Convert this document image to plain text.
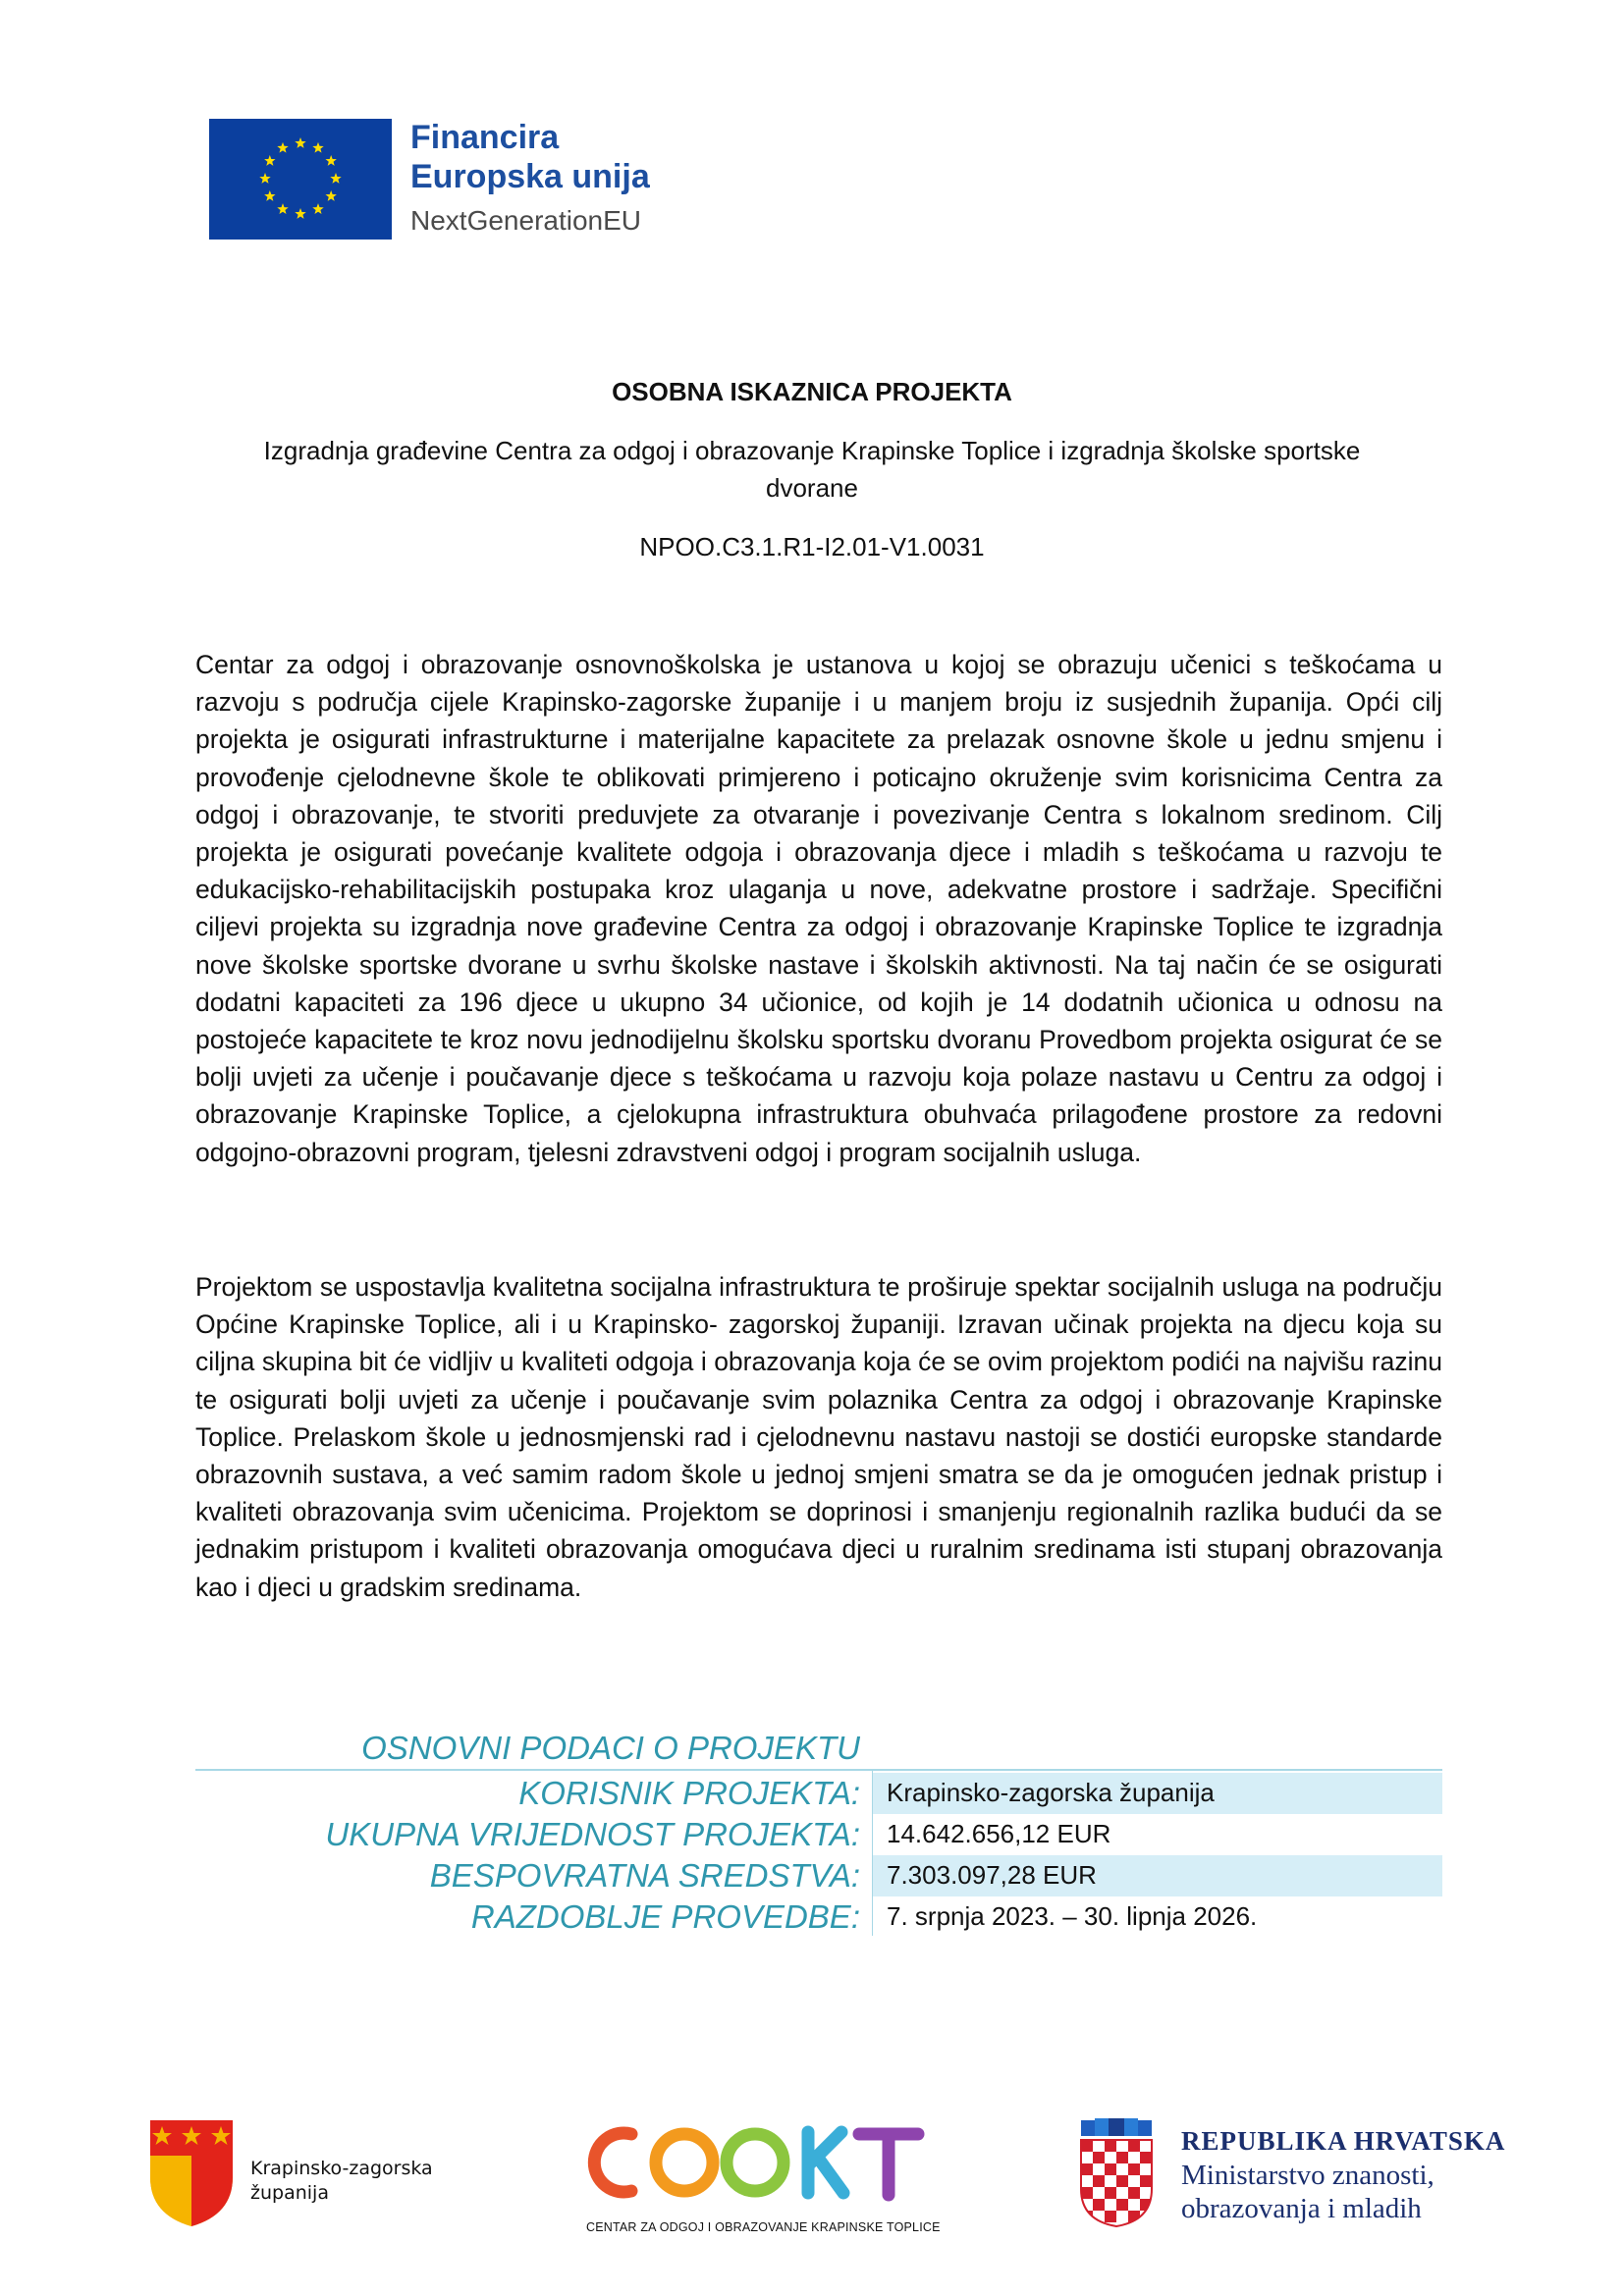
Financira
Europska unija
NextGenerationEU
OSOBNA ISKAZNICA PROJEKTA
Izgradnja građevine Centra za odgoj i obrazovanje Krapinske Toplice i izgradnja školske sportske dvorane
NPOO.C3.1.R1-I2.01-V1.0031

Centar za odgoj i obrazovanje osnovnoškolska je ustanova u kojoj se obrazuju učenici s teškoćama u razvoju s područja cijele Krapinsko-zagorske županije i u manjem broju iz susjednih županija. Opći cilj projekta je osigurati infrastrukturne i materijalne kapacitete za prelazak osnovne škole u jednu smjenu i provođenje cjelodnevne škole te oblikovati primjereno i poticajno okruženje svim korisnicima Centra za odgoj i obrazovanje, te stvoriti preduvjete za otvaranje i povezivanje Centra s lokalnom sredinom. Cilj projekta je osigurati povećanje kvalitete odgoja i obrazovanja djece i mladih s teškoćama u razvoju te edukacijsko-rehabilitacijskih postupaka kroz ulaganja u nove, adekvatne prostore i sadržaje. Specifični ciljevi projekta su izgradnja nove građevine Centra za odgoj i obrazovanje Krapinske Toplice te izgradnja nove školske sportske dvorane u svrhu školske nastave i školskih aktivnosti. Na taj način će se osigurati dodatni kapaciteti za 196 djece u ukupno 34 učionice, od kojih je 14 dodatnih učionica u odnosu na postojeće kapacitete te kroz novu jednodijelnu školsku sportsku dvoranu Provedbom projekta osigurat će se bolji uvjeti za učenje i poučavanje djece s teškoćama u razvoju koja polaze nastavu u Centru za odgoj i obrazovanje Krapinske Toplice, a cjelokupna infrastruktura obuhvaća prilagođene prostore za redovni odgojno-obrazovni program, tjelesni zdravstveni odgoj i program socijalnih usluga.

Projektom se uspostavlja kvalitetna socijalna infrastruktura te proširuje spektar socijalnih usluga na području Općine Krapinske Toplice, ali i u Krapinsko- zagorskoj županiji. Izravan učinak projekta na djecu koja su ciljna skupina bit će vidljiv u kvaliteti odgoja i obrazovanja koja će se ovim projektom podići na najvišu razinu te osigurati bolji uvjeti za učenje i poučavanje svim polaznika Centra za odgoj i obrazovanje Krapinske Toplice. Prelaskom škole u jednosmjenski rad i cjelodnevnu nastavu nastoji se dostići europske standarde obrazovnih sustava, a već samim radom škole u jednoj smjeni smatra se da je omogućen jednak pristup i kvaliteti obrazovanja svim učenicima. Projektom se doprinosi i smanjenju regionalnih razlika budući da se jednakim pristupom i kvaliteti obrazovanja omogućava djeci u ruralnim sredinama isti stupanj obrazovanja kao i djeci u gradskim sredinama.

OSNOVNI PODACI O PROJEKTU
KORISNIK PROJEKTA:	Krapinsko-zagorska županija
UKUPNA VRIJEDNOST PROJEKTA:	14.642.656,12 EUR
BESPOVRATNA SREDSTVA:	7.303.097,28 EUR
RAZDOBLJE PROVEDBE:	7. srpnja 2023. – 30. lipnja 2026.
Krapinsko-zagorska
županija
CENTAR ZA ODGOJ I OBRAZOVANJE KRAPINSKE TOPLICE
REPUBLIKA HRVATSKA
Ministarstvo znanosti,
obrazovanja i mladih
